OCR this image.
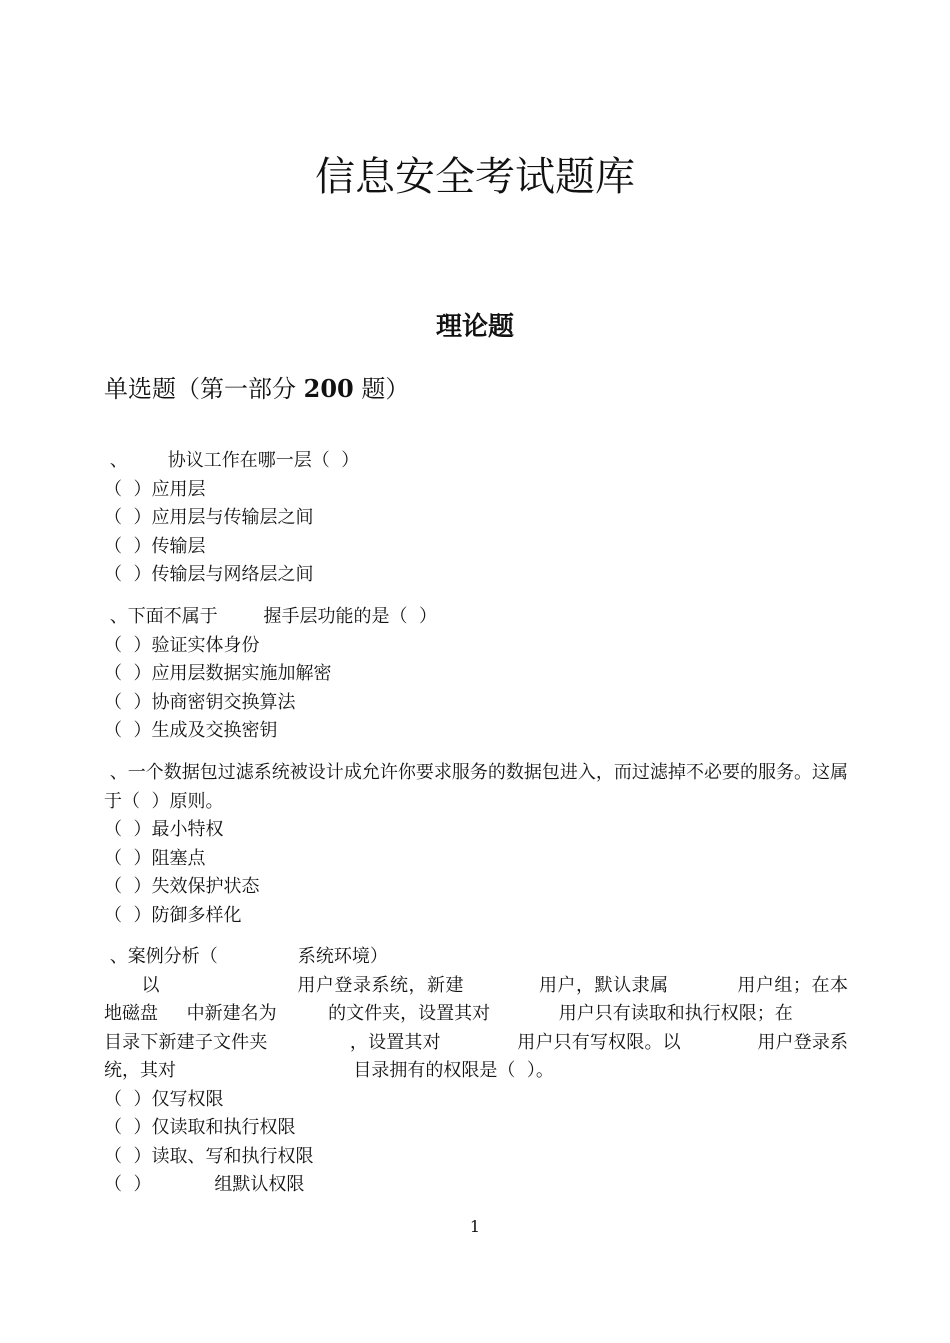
信息安全考试题库
理论题
单选题（第一部分 200 题）

、       协议工作在哪一层（  ）

（  ）应用层

（  ）应用层与传输层之间

（  ）传输层

（  ）传输层与网络层之间

、下面不属于        握手层功能的是（  ）

（  ）验证实体身份

（  ）应用层数据实施加解密

（  ）协商密钥交换算法

（  ）生成及交换密钥

、一个数据包过滤系统被设计成允许你要求服务的数据包进入，而过滤掉不必要的服务。这属于（  ）原则。

（  ）最小特权

（  ）阻塞点

（  ）失效保护状态

（  ）防御多样化

、案例分析（              系统环境）

以                      用户登录系统，新建            用户，默认隶属           用户组；在本

地磁盘     中新建名为         的文件夹，设置其对            用户只有读取和执行权限；在

目录下新建子文件夹              ，设置其对             用户只有写权限。以             用户登录系

统，其对                               目录拥有的权限是（  ）。

（  ）仅写权限

（  ）仅读取和执行权限

（  ）读取、写和执行权限

（  ）           组默认权限

1
